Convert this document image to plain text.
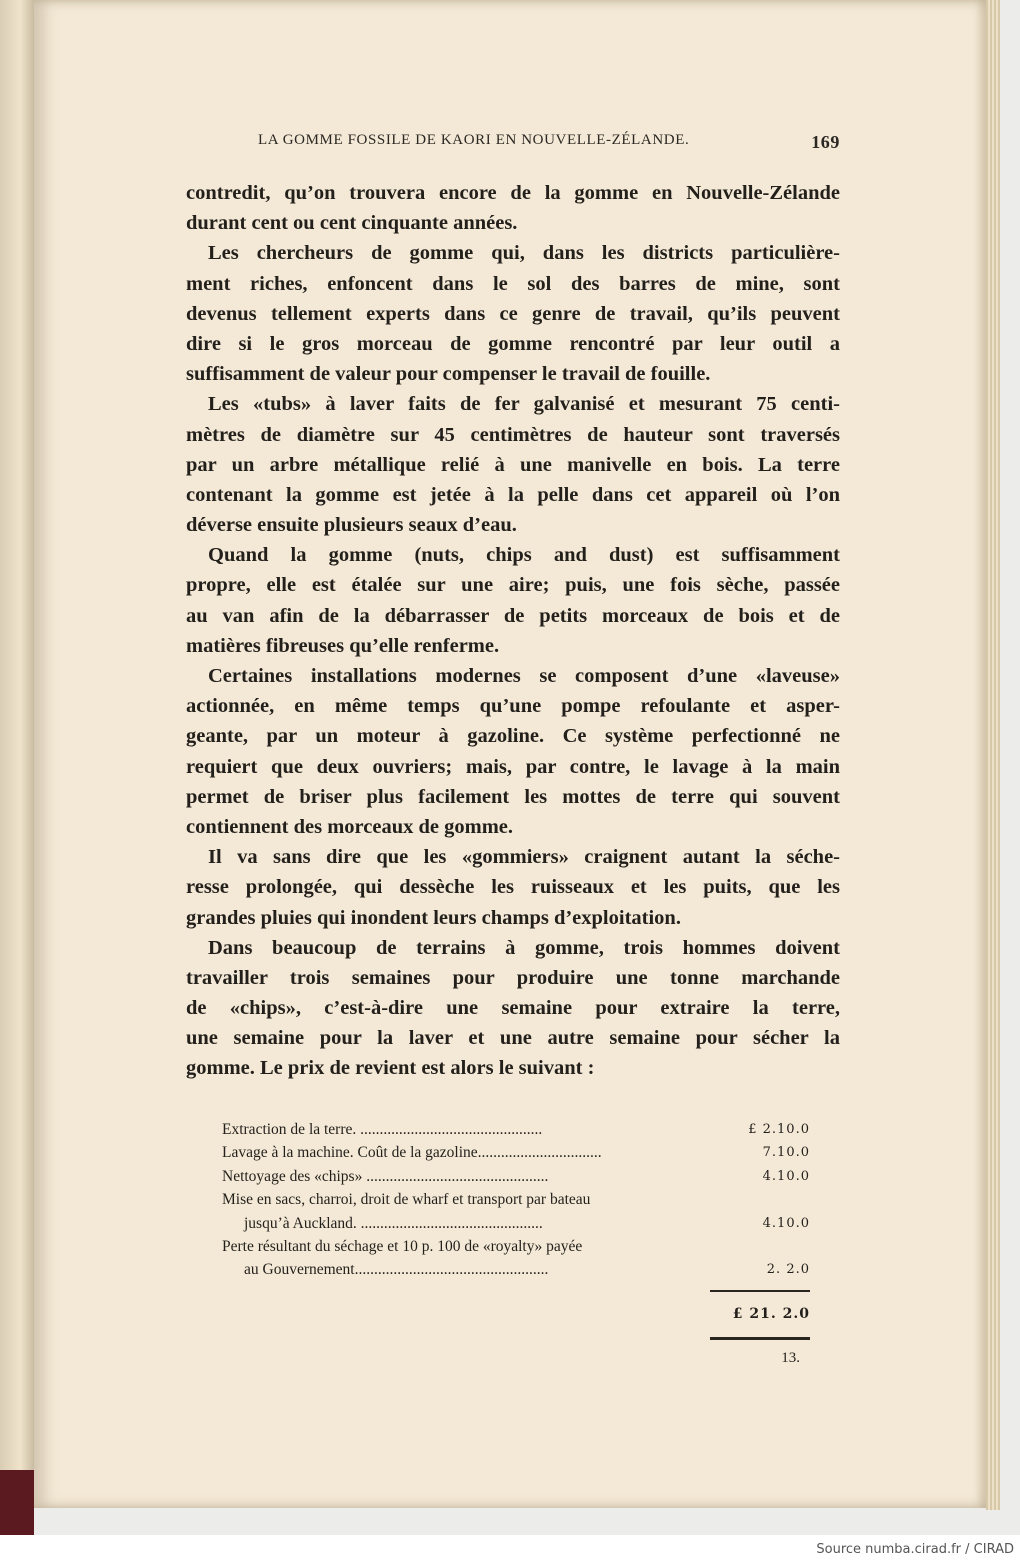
LA GOMME FOSSILE DE KAORI EN NOUVELLE-ZÉLANDE.	169
contredit, qu’on trouvera encore de la gomme en Nouvelle-Zélande
durant cent ou cent cinquante années.
Les chercheurs de gomme qui, dans les districts particulière-
ment riches, enfoncent dans le sol des barres de mine, sont
devenus tellement experts dans ce genre de travail, qu’ils peuvent
dire si le gros morceau de gomme rencontré par leur outil a
suffisamment de valeur pour compenser le travail de fouille.
Les «tubs» à laver faits de fer galvanisé et mesurant 75 centi-
mètres de diamètre sur 45 centimètres de hauteur sont traversés
par un arbre métallique relié à une manivelle en bois. La terre
contenant la gomme est jetée à la pelle dans cet appareil où l’on
déverse ensuite plusieurs seaux d’eau.
Quand la gomme (nuts, chips and dust) est suffisamment
propre, elle est étalée sur une aire; puis, une fois sèche, passée
au van afin de la débarrasser de petits morceaux de bois et de
matières fibreuses qu’elle renferme.
Certaines installations modernes se composent d’une «laveuse»
actionnée, en même temps qu’une pompe refoulante et asper-
geante, par un moteur à gazoline. Ce système perfectionné ne
requiert que deux ouvriers; mais, par contre, le lavage à la main
permet de briser plus facilement les mottes de terre qui souvent
contiennent des morceaux de gomme.
Il va sans dire que les «gommiers» craignent autant la séche-
resse prolongée, qui dessèche les ruisseaux et les puits, que les
grandes pluies qui inondent leurs champs d’exploitation.
Dans beaucoup de terrains à gomme, trois hommes doivent
travailler trois semaines pour produire une tonne marchande
de «chips», c’est-à-dire une semaine pour extraire la terre,
une semaine pour la laver et une autre semaine pour sécher la
gomme. Le prix de revient est alors le suivant :
Extraction de la terre. ...............................................	£ 2.10.0
Lavage à la machine. Coût de la gazoline................................	7.10.0
Nettoyage des «chips» ...............................................	4.10.0
Mise en sacs, charroi, droit de wharf et transport par bateau
jusqu’à Auckland. ...............................................	4.10.0
Perte résultant du séchage et 10 p. 100 de «royalty» payée
au Gouvernement..................................................	2. 2.0
£ 21. 2.0
13.
Source numba.cirad.fr / CIRAD
